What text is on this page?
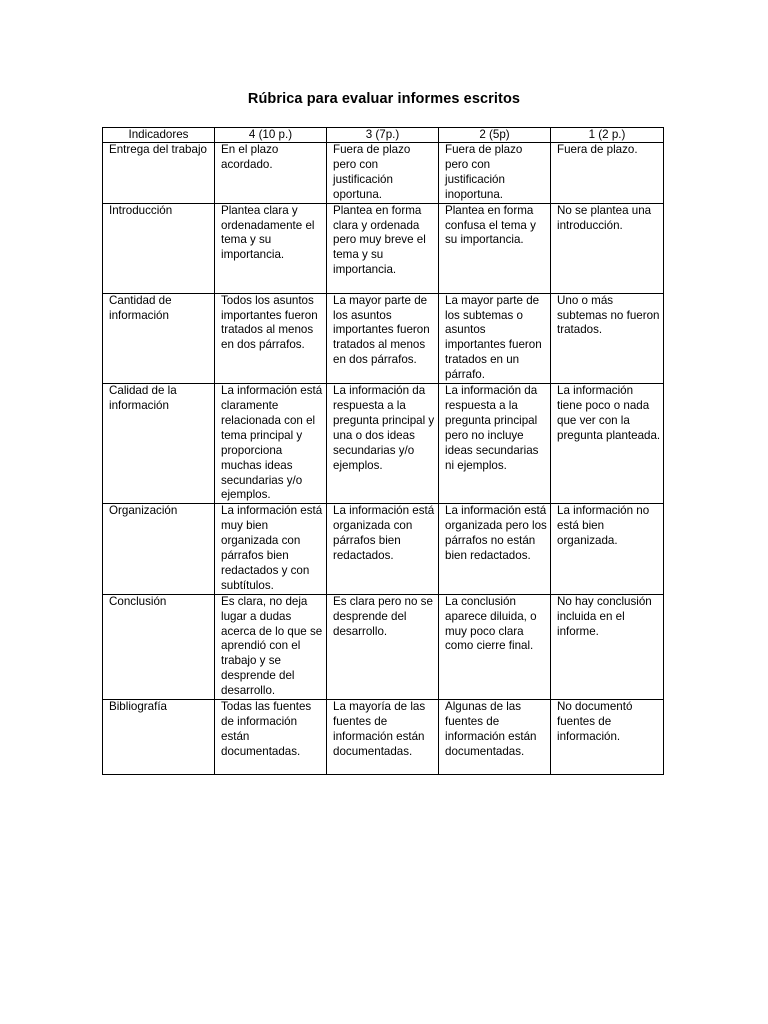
Rúbrica para evaluar informes escritos
Indicadores	4 (10 p.)	3 (7p.)	2 (5p)	1 (2 p.)
Entrega del trabajo	En el plazo acordado.	Fuera de plazo pero con justificación oportuna.	Fuera de plazo pero con justificación inoportuna.	Fuera de plazo.
Introducción	Plantea clara y ordenadamente el tema y su importancia.	Plantea en forma clara y ordenada pero muy breve el tema y su importancia.	Plantea en forma confusa el tema y su importancia.	No se plantea una introducción.
Cantidad de información	Todos los asuntos importantes fueron tratados al menos en dos párrafos.	La mayor parte de los asuntos importantes fueron tratados al menos en dos párrafos.	La mayor parte de los subtemas o asuntos importantes fueron tratados en un párrafo.	Uno o más subtemas no fueron tratados.
Calidad de la información	La información está claramente relacionada con el tema principal y proporciona muchas ideas secundarias y/o ejemplos.	La información da respuesta a la pregunta principal y una o dos ideas secundarias y/o ejemplos.	La información da respuesta a la pregunta principal pero no incluye ideas secundarias ni ejemplos.	La información tiene poco o nada que ver con la pregunta planteada.
Organización	La información está muy bien organizada con párrafos bien redactados y con subtítulos.	La información está organizada con párrafos bien redactados.	La información está organizada pero los párrafos no están bien redactados.	La información no está bien organizada.
Conclusión	Es clara, no deja lugar a dudas acerca de lo que se aprendió con el trabajo y se desprende del desarrollo.	Es clara pero no se desprende del desarrollo.	La conclusión aparece diluida, o muy poco clara como cierre final.	No hay conclusión incluida en el informe.
Bibliografía	Todas las fuentes de información están documentadas.	La mayoría de las fuentes de información están documentadas.	Algunas de las fuentes de información están documentadas.	No documentó fuentes de información.
